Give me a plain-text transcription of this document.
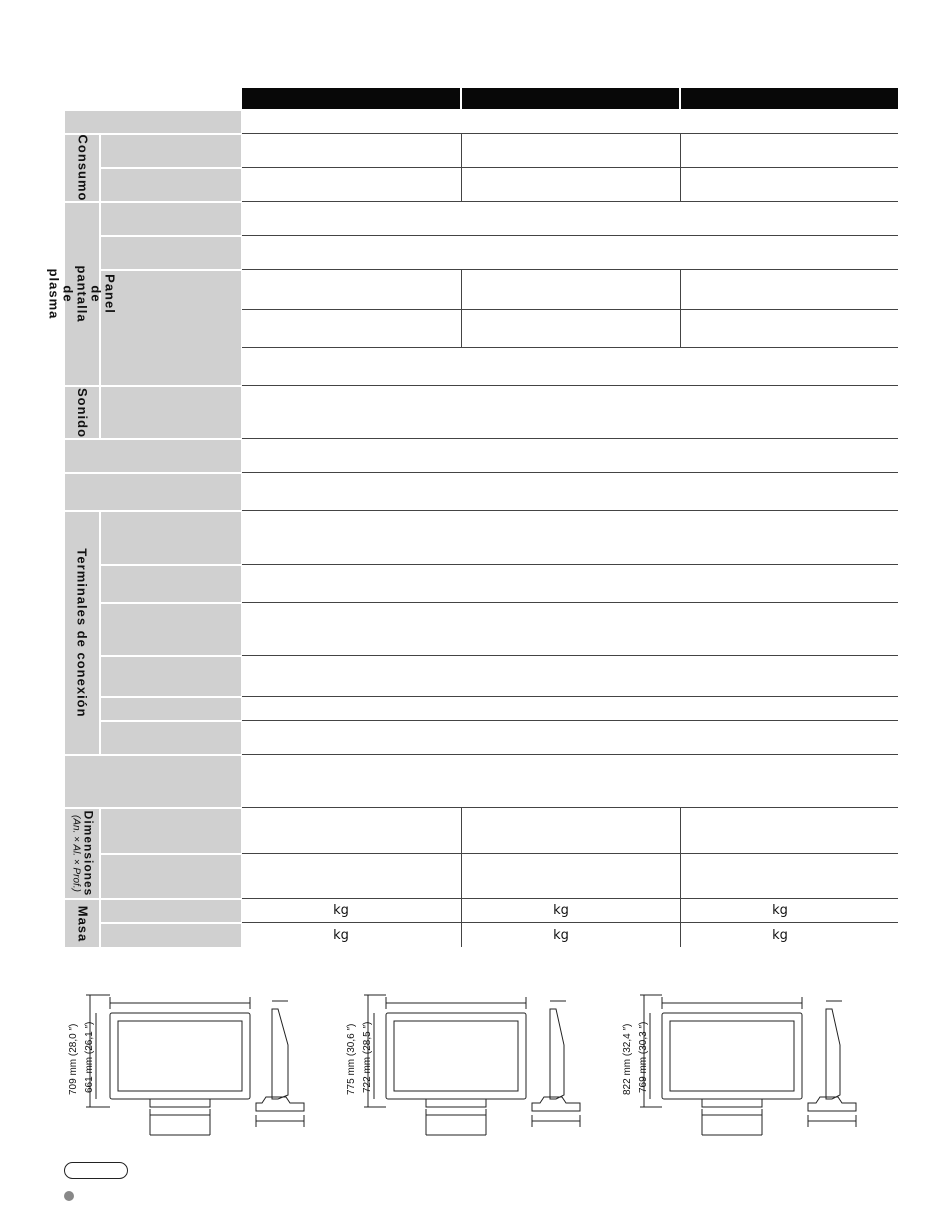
Consumo
Panel de pantalla de plasma
Sonido
Terminales de conexión
Dimensiones
(An. × Al. × Prof.)
Masa	kg	kg	kg
kg	kg	kg
709 mm (28,0 ″) 661 mm (26,1 ″)	775 mm (30,6 ″) 722 mm (28,5 ″)	822 mm (32,4 ″) 769 mm (30,3 ″)
